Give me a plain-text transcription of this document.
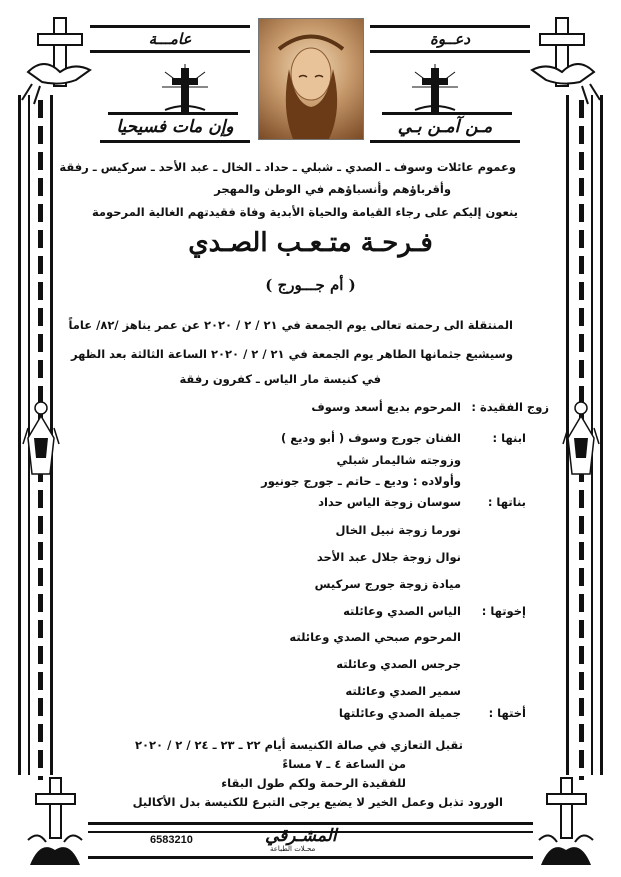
دعــوة
عامـــة
وإن مات فسيحيا	مـن آمـن بـي
وعموم عائلات وسوف ـ الصدي ـ شبلي ـ حداد ـ الخال ـ عبد الأحد ـ سركيس ـ رفقة
وأقرباؤهم وأنسباؤهم في الوطن والمهجر
ينعون إليكم على رجاء القيامة والحياة الأبدية وفاة فقيدتهم الغالية المرحومة
فـرحـة متـعـب الصـدي
( أم جـــورج )
المنتقلة الى رحمته تعالى يوم الجمعة في ٢١ / ٢ / ٢٠٢٠ عن عمر يناهز /٨٢/ عاماً
وسيشيع جثمانها الطاهر يوم الجمعة في ٢١ / ٢ / ٢٠٢٠ الساعة الثالثة بعد الظهر
في كنيسة مار الياس ـ كفرون رفقة
زوج الفقيدة :
المرحوم بديع أسعد وسوف
ابنها :
الفنان جورج وسوف ( أبو وديع )
وزوجته شاليمار شبلي
وأولاده : وديع ـ حاتم ـ جورج جونيور
بناتها :
سوسان زوجة الياس حداد
نورما زوجة نبيل الخال
نوال زوجة جلال عبد الأحد
ميادة زوجة جورج سركيس
إخوتها :
الياس الصدي وعائلته
المرحوم صبحي الصدي وعائلته
جرجس الصدي وعائلته
سمير الصدي وعائلته
أختها :
جميلة الصدي وعائلتها
تقبل التعازي في صالة الكنيسة أيام ٢٢ ـ ٢٣ ـ ٢٤ / ٢ / ٢٠٢٠
من الساعة ٤ ـ ٧ مساءً
للفقيدة الرحمة ولكم طول البقاء
الورود تذبل وعمل الخير لا يضيع يرجى التبرع للكنيسة بدل الأكاليل
6583210	المشـرقي
محـلات الطباعة
